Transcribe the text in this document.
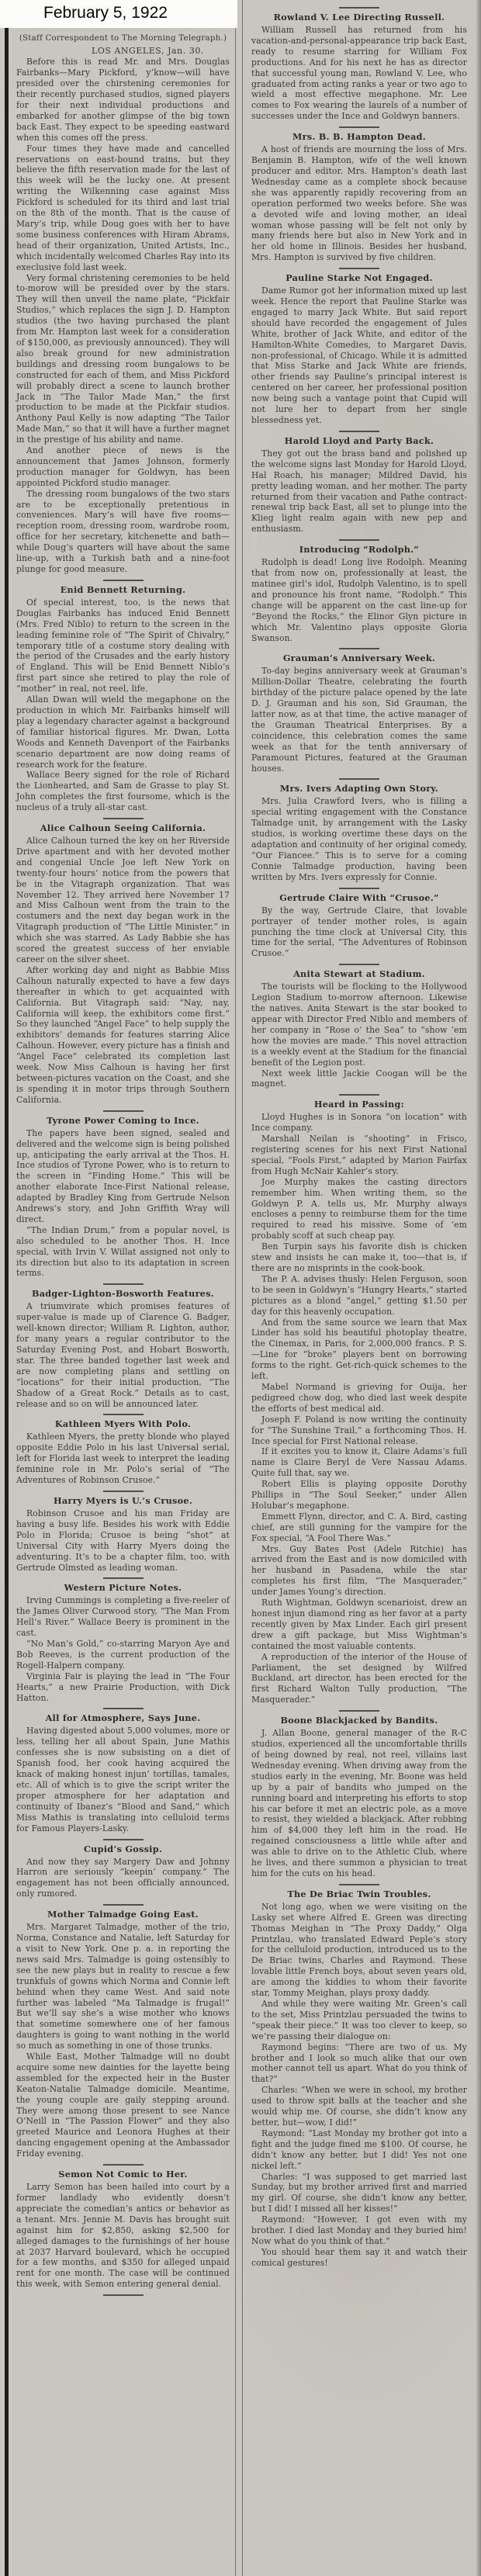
February 5, 1922
(Staff Correspondent to The Morning Telegraph.)
LOS ANGELES, Jan. 30.

Before this is read Mr. and Mrs. Douglas Fairbanks—Mary Pickford, y’know—will have presided over the chirstening ceremonies for their recently purchased studios, signed players for their next individual productions and embarked for another glimpse of the big town back East. They expect to be speeding eastward when this comes off the press.

Four times they have made and cancelled reservations on east-bound trains, but they believe the fifth reservation made for the last of this week will be the lucky one. At present writing the Wilkenning case against Miss Pickford is scheduled for its third and last trial on the 8th of the month. That is the cause of Mary’s trip, while Doug goes with her to have some business conferences with Hiram Abrams, head of their organization, United Artists, Inc., which incidentally welcomed Charles Ray into its execlusive fold last week.

Very formal christening ceremonies to be held to-morow will be presided over by the stars. They will then unveil the name plate, “Pickfair Studios,” which replaces the sign J. D. Hampton studios (the two having purchased the plant from Mr. Hampton last week for a consideration of $150,000, as previously announced). They will also break ground for new administration buildings and dressing room bungalows to be constructed for each of them, and Miss Pickford will probably direct a scene to launch brother Jack in “The Tailor Made Man,” the first production to be made at the Pickfair studios. Anthony Paul Kelly is now adapting “The Tailor Made Man,” so that it will have a further magnet in the prestige of his ability and name.

And another piece of news is the announcement that James Johnson, formerly production manager for Goldwyn, has been appointed Pickford studio manager.

The dressing room bungalows of the two stars are to be exceptionally pretentious in conveniences. Mary’s will have five rooms—reception room, dressing room, wardrobe room, office for her secretary, kitchenette and bath—while Doug’s quarters will have about the same line-up, with a Turkish bath and a nine-foot plunge for good measure.

Enid Bennett Returning.

Of special interest, too, is the news that Douglas Fairbanks has induced Enid Bennett (Mrs. Fred Niblo) to return to the screen in the leading feminine role of “The Spirit of Chivalry,” temporary title of a costume story dealing with the period of the Crusades and the early history of England. This will be Enid Bennett Niblo’s first part since she retired to play the role of “mother” in real, not reel, life.

Allan Dwan will wield the megaphone on the production in which Mr. Fairbanks himself will play a legendary character against a background of familiar historical figures. Mr. Dwan, Lotta Woods and Kenneth Davenport of the Fairbanks scenario department are now doing reams of research work for the feature.

Wallace Beery signed for the role of Richard the Lionhearted, and Sam de Grasse to play St. John completes the first foursome, which is the nucleus of a truly all-star cast.

Alice Calhoun Seeing California.

Alice Calhoun turned the key on her Riverside Drive apartment and with her devoted mother and congenial Uncle Joe left New York on twenty-four hours’ notice from the powers that be in the Vitagraph organization. That was November 12. They arrived here November 17 and Miss Calhoun went from the train to the costumers and the next day began work in the Vitagraph production of “The Little Minister,” in which she was starred. As Lady Babbie she has scored the greatest success of her enviable career on the silver sheet.

After working day and night as Babbie Miss Calhoun naturally expected to have a few days thereafter in which to get acquainted with California. But Vitagraph said: “Nay, nay, California will keep, the exhibitors come first.” So they launched “Angel Face” to help supply the exhibitors’ demands for features starring Alice Calhoun. However, every picture has a finish and “Angel Face” celebrated its completion last week. Now Miss Calhoun is having her first between-pictures vacation on the Coast, and she is spending it in motor trips through Southern California.

Tyrone Power Coming to Ince.

The papers have been signed, sealed and delivered and the welcome sign is being polished up, anticipating the early arrival at the Thos. H. Ince studios of Tyrone Power, who is to return to the screen in “Finding Home.” This will be another elaborate Ince-First National release, adapted by Bradley King from Gertrude Nelson Andrews’s story, and John Griffith Wray will direct.

“The Indian Drum,” from a popular novel, is also scheduled to be another Thos. H. Ince special, with Irvin V. Willat assigned not only to its direction but also to its adaptation in screen terms.

Badger-Lighton-Bosworth Features.

A triumvirate which promises features of super-value is made up of Clarence G. Badger, well-known director; William R. Lighton, author, for many years a regular contributor to the Saturday Evening Post, and Hobart Bosworth, star. The three banded together last week and are now completing plans and settling on “locations” for their initial production, “The Shadow of a Great Rock.” Details as to cast, release and so on will be announced later.

Kathleen Myers With Polo.

Kathleen Myers, the pretty blonde who played opposite Eddie Polo in his last Universal serial, left for Florida last week to interpret the leading feminine role in Mr. Polo’s serial of “The Adventures of Robinson Crusoe.”

Harry Myers is U.’s Crusoe.

Robinson Crusoe and his man Friday are having a busy life. Besides his work with Eddie Polo in Florida; Crusoe is being “shot” at Universal City with Harry Myers doing the adventuring. It’s to be a chapter film, too, with Gertrude Olmsted as leading woman.

Western Picture Notes.

Irving Cummings is completing a five-reeler of the James Oliver Curwood story, “The Man From Hell’s River.” Wallace Beery is prominent in the cast.

“No Man’s Gold,” co-starring Maryon Aye and Bob Reeves, is the current production of the Rogell-Halpern company.

Virginia Fair is playing the lead in “The Four Hearts,” a new Prairie Production, with Dick Hatton.

All for Atmosphere, Says June.

Having digested about 5,000 volumes, more or less, telling her all about Spain, June Mathis confesses she is now subsisting on a diet of Spanish food, her cook having acquired the knack of making honest injun’ tortillas, tamales, etc. All of which is to give the script writer the proper atmosphere for her adaptation and continuity of Ibanez’s “Blood and Sand,” which Miss Mathis is translating into celluloid terms for Famous Players-Lasky.

Cupid’s Gossip.

And now they say Margery Daw and Johnny Harron are seriously “keepin’ company.” The engagement has not been officially announced, only rumored.

Mother Talmadge Going East.

Mrs. Margaret Talmadge, mother of the trio, Norma, Constance and Natalie, left Saturday for a visit to New York. One p. a. in reporting the news said Mrs. Talmadge is going ostensibly to see the new plays but in reality to rescue a few trunkfuls of gowns which Norma and Connie left behind when they came West. And said note further was labeled “Ma Talmadge is frugal!” But we’ll say she’s a wise mother who knows that sometime somewhere one of her famous daughters is going to want nothing in the world so much as something in one of those trunks.

While East, Mother Talmadge will no doubt acquire some new dainties for the layette being assembled for the expected heir in the Buster Keaton-Natalie Talmadge domicile. Meantime, the young couple are gaily stepping around. They were among those present to see Nance O’Neill in “The Passion Flower” and they also greeted Maurice and Leonora Hughes at their dancing engagement opening at the Ambassador Friday evening.

Semon Not Comic to Her.

Larry Semon has been hailed into court by a former landlady who evidently doesn’t appreciate the comedian’s antics or behavior as a tenant. Mrs. Jennie M. Davis has brought suit against him for $2,850, asking $2,500 for alleged damages to the furnishings of her house at 2037 Harvard boulevard, which he occupied for a few months, and $350 for alleged unpaid rent for one month. The case will be continued this week, with Semon entering general denial.

Rowland V. Lee Directing Russell.

William Russell has returned from his vacation-and-personal-appearance trip back East, ready to resume starring for William Fox productions. And for his next he has as director that successful young man, Rowland V. Lee, who graduated from acting ranks a year or two ago to wield a most effective megaphone. Mr. Lee comes to Fox wearing the laurels of a number of successes under the Ince and Goldwyn banners.

Mrs. B. B. Hampton Dead.

A host of friends are mourning the loss of Mrs. Benjamin B. Hampton, wife of the well known producer and editor. Mrs. Hampton’s death last Wednesday came as a complete shock because she was apparently rapidly recovering from an operation performed two weeks before. She was a devoted wife and loving mother, an ideal woman whose passing will be felt not only by many friends here but also in New York and in her old home in Illinois. Besides her husband, Mrs. Hampton is survived by five children.

Pauline Starke Not Engaged.

Dame Rumor got her information mixed up last week. Hence the report that Pauline Starke was engaged to marry Jack White. But said report should have recorded the engagement of Jules White, brother of Jack White, and editor of the Hamilton-White Comedies, to Margaret Davis, non-professional, of Chicago. While it is admitted that Miss Starke and Jack White are friends, other friends say Pauline’s principal interest is centered on her career, her professional position now being such a vantage point that Cupid will not lure her to depart from her single blessedness yet.

Harold Lloyd and Party Back.

They got out the brass band and polished up the welcome signs last Monday for Harold Lloyd, Hal Roach, his manager; Mildred David, his pretty leading woman, and her mother. The party returned from their vacation and Pathe contract-renewal trip back East, all set to plunge into the Klieg light realm again with new pep and enthusiasm.

Introducing “Rodolph.”

Rudolph is dead! Long live Rodolph. Meaning that from now on, professionally at least, the matinee girl’s idol, Rudolph Valentino, is to spell and pronounce his front name, “Rodolph.” This change will be apparent on the cast line-up for “Beyond the Rocks,” the Elinor Glyn picture in which Mr. Valentino plays opposite Gloria Swanson.

Grauman’s Anniversary Week.

To-day begins anniversary week at Grauman’s Million-Dollar Theatre, celebrating the fourth birthday of the picture palace opened by the late D. J. Grauman and his son, Sid Grauman, the latter now, as at that time, the active manager of the Grauman Theatrical Enterprises. By a coincidence, this celebration comes the same week as that for the tenth anniversary of Paramount Pictures, featured at the Grauman houses.

Mrs. Ivers Adapting Own Story.

Mrs. Julia Crawford Ivers, who is filling a special writing engagement with the Constance Talmadge unit, by arrangement with the Lasky studios, is working overtime these days on the adaptation and continuity of her original comedy, “Our Fiancee.” This is to serve for a coming Connie Talmadge production, having been written by Mrs. Ivers expressly for Connie.

Gertrude Claire With “Crusoe.”

By the way, Gertrude Claire, that lovable portrayer of tender mother roles, is again punching the time clock at Universal City, this time for the serial, “The Adventures of Robinson Crusoe.”

Anita Stewart at Stadium.

The tourists will be flocking to the Hollywood Legion Stadium to-morrow afternoon. Likewise the natives. Anita Stewart is the star booked to appear with Director Fred Niblo and members of her company in “Rose o’ the Sea” to “show ’em how the movies are made.” This novel attraction is a weekly event at the Stadium for the financial benefit of the Legion post.

Next week little Jackie Coogan will be the magnet.

Heard in Passing:

Lloyd Hughes is in Sonora “on location” with Ince company.

Marshall Neilan is “shooting” in Frisco, registering scenes for his next First National special, “Fools First,” adapted by Marion Fairfax from Hugh McNair Kahler’s story.

Joe Murphy makes the casting directors remember him. When writing them, so the Goldwyn P. A. tells us, Mr. Murphy always encloses a penny to reimburse them for the time required to read his missive. Some of ’em probably scoff at such cheap pay.

Ben Turpin says his favorite dish is chicken stew and insists he can make it, too—that is, if there are no misprints in the cook-book.

The P. A. advises thusly: Helen Ferguson, soon to be seen in Goldwyn’s “Hungry Hearts,” started pictures as a blond “angel,” getting $1.50 per day for this heavenly occupation.

And from the same source we learn that Max Linder has sold his beautiful photoplay theatre, the Cinemax, in Paris, for 2,000,000 francs. P. S.—Line for “broke” players bent on borrowing forms to the right. Get-rich-quick schemes to the left.

Mabel Normand is grieving for Ouija, her pedigreed chow dog, who died last week despite the efforts of best medical aid.

Joseph F. Poland is now writing the continuity for “The Sunshine Trail,” a forthcoming Thos. H. Ince special for First National release.

If it excites you to know it, Claire Adams’s full name is Claire Beryl de Vere Nassau Adams. Quite full that, say we.

Robert Ellis is playing opposite Dorothy Phillips in “The Soul Seeker,” under Allen Holubar’s megaphone.

Emmett Flynn, director, and C. A. Bird, casting chief, are still gunning for the vampire for the Fox special, “A Fool There Was.”

Mrs. Guy Bates Post (Adele Ritchie) has arrived from the East and is now domiciled with her husband in Pasadena, while the star completes his first film, “The Masquerader,” under James Young’s direction.

Ruth Wightman, Goldwyn scenarioist, drew an honest injun diamond ring as her favor at a party recently given by Max Linder. Each girl present drew a gift package, but Miss Wightman’s contained the most valuable contents.

A reproduction of the interior of the House of Parliament, the set designed by Wilfred Buckland, art director, has been erected for the first Richard Walton Tully production, “The Masquerader.”

Boone Blackjacked by Bandits.

J. Allan Boone, general manager of the R-C studios, experienced all the uncomfortable thrills of being downed by real, not reel, villains last Wednesday evening. When driving away from the studios early in the evening, Mr. Boone was held up by a pair of bandits who jumped on the running board and interpreting his efforts to stop his car before it met an electric pole, as a move to resist, they wielded a blackjack. After robbing him of $4,000 they left him in the road. He regained consciousness a little while after and was able to drive on to the Athletic Club, where he lives, and there summon a physician to treat him for the cuts on his head.

The De Briac Twin Troubles.

Not long ago, when we were visiting on the Lasky set where Alfred E. Green was directing Thomas Meighan in “The Proxy Daddy,” Olga Printzlau, who translated Edward Peple’s story for the celluloid production, introduced us to the De Briac twins, Charles and Raymond. These lovable little French boys, about seven years old, are among the kiddies to whom their favorite star, Tommy Meighan, plays proxy daddy.

And while they were waiting Mr. Green’s call to the set, Miss Printzlau persuaded the twins to “speak their piece.” It was too clever to keep, so we’re passing their dialogue on:

Raymond begins: “There are two of us. My brother and I look so much alike that our own mother cannot tell us apart. What do you think of that?”

Charles: “When we were in school, my brother used to throw spit balls at the teacher and she would whip me. Of course, she didn’t know any better, but—wow, I did!”

Raymond: “Last Monday my brother got into a fight and the judge fined me $100. Of course, he didn’t know any better, but I did! Yes not one nickel left.”

Charles: “I was supposed to get married last Sunday, but my brother arrived first and married my girl. Of course, she didn’t know any better, but I did! I missed all her kisses!”

Raymond: “However, I got even with my brother. I died last Monday and they buried him! Now what do you think of that.”

You should hear them say it and watch their comical gestures!
